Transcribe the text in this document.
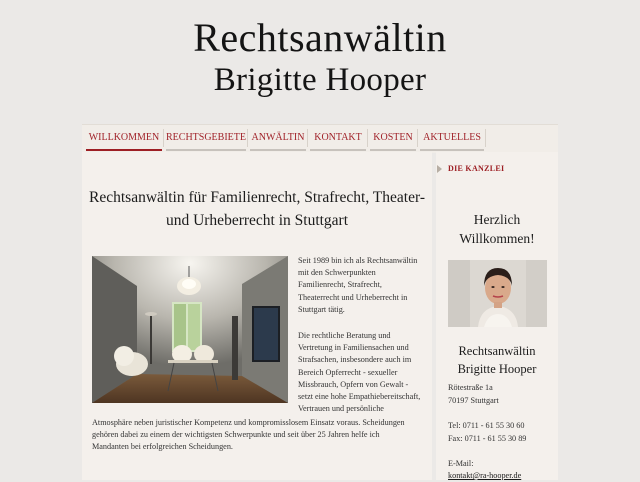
Rechtsanwältin
Brigitte Hooper
WILLKOMMEN RECHTSGEBIETE ANWÄLTIN KONTAKT	KOSTEN	AKTUELLES
Rechtsanwältin für Familienrecht, Strafrecht, Theater-
und Urheberrecht in Stuttgart
Seit 1989 bin ich als Rechtsanwältin
mit den Schwerpunkten
Familienrecht, Strafrecht,
Theaterrecht und Urheberrecht in
Stuttgart tätig.
Die rechtliche Beratung und
Vertretung in Familiensachen und
Strafsachen, insbesondere auch im
Bereich Opferrecht - sexueller
Missbrauch, Opfern von Gewalt -
setzt eine hohe Empathiebereitschaft,
Vertrauen und persönliche
Atmosphäre neben juristischer Kompetenz und kompromisslosem Einsatz voraus. Scheidungen
gehören dabei zu einem der wichtigsten Schwerpunkte und seit über 25 Jahren helfe ich
Mandanten bei erfolgreichen Scheidungen.
DIE KANZLEI
Herzlich
Willkommen!
Rechtsanwältin
Brigitte Hooper
Rötestraße 1a
70197 Stuttgart
Tel: 0711 - 61 55 30 60
Fax: 0711 - 61 55 30 89
E-Mail:
kontakt@ra-hooper.de
